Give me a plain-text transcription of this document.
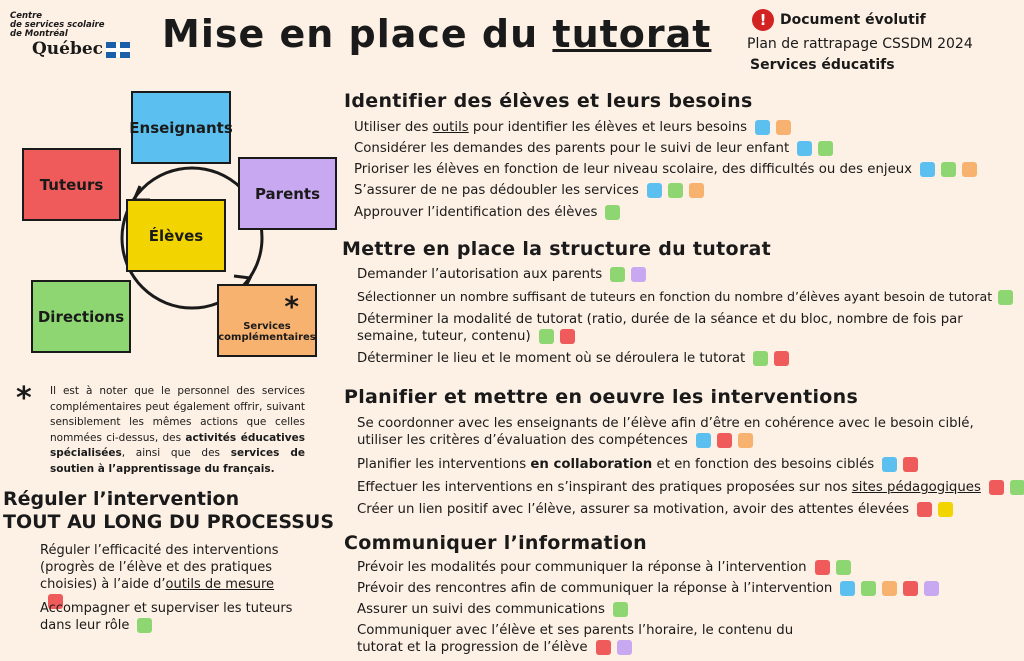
Centre
de services scolaire
de Montréal
Québec	Mise en place du tutorat	! Document évolutif
Plan de rattrapage CSSDM 2024
Services éducatifs
Enseignants
Tuteurs	Parents
Élèves
Directions	*
Services
complémentaires
* Il est à noter que le personnel des services complémentaires peut également offrir, suivant sensiblement les mêmes actions que celles nommées ci-dessus, des activités éducatives spécialisées, ainsi que des services de soutien à l’apprentissage du français.
Réguler l’intervention
TOUT AU LONG DU PROCESSUS
Réguler l’efficacité des interventions (progrès de l’élève et des pratiques choisies) à l’aide d’outils de mesure
Accompagner et superviser les tuteurs dans leur rôle
Identifier des élèves et leurs besoins
Utiliser des outils pour identifier les élèves et leurs besoins
Considérer les demandes des parents pour le suivi de leur enfant
Prioriser les élèves en fonction de leur niveau scolaire, des difficultés ou des enjeux
S’assurer de ne pas dédoubler les services
Approuver l’identification des élèves
Mettre en place la structure du tutorat
Demander l’autorisation aux parents
Sélectionner un nombre suffisant de tuteurs en fonction du nombre d’élèves ayant besoin de tutorat
Déterminer la modalité de tutorat (ratio, durée de la séance et du bloc, nombre de fois par semaine, tuteur, contenu)
Déterminer le lieu et le moment où se déroulera le tutorat
Planifier et mettre en oeuvre les interventions
Se coordonner avec les enseignants de l’élève afin d’être en cohérence avec le besoin ciblé, utiliser les critères d’évaluation des compétences
Planifier les interventions en collaboration et en fonction des besoins ciblés
Effectuer les interventions en s’inspirant des pratiques proposées sur nos sites pédagogiques
Créer un lien positif avec l’élève, assurer sa motivation, avoir des attentes élevées
Communiquer l’information
Prévoir les modalités pour communiquer la réponse à l’intervention
Prévoir des rencontres afin de communiquer la réponse à l’intervention
Assurer un suivi des communications
Communiquer avec l’élève et ses parents l’horaire, le contenu du tutorat et la progression de l’élève
